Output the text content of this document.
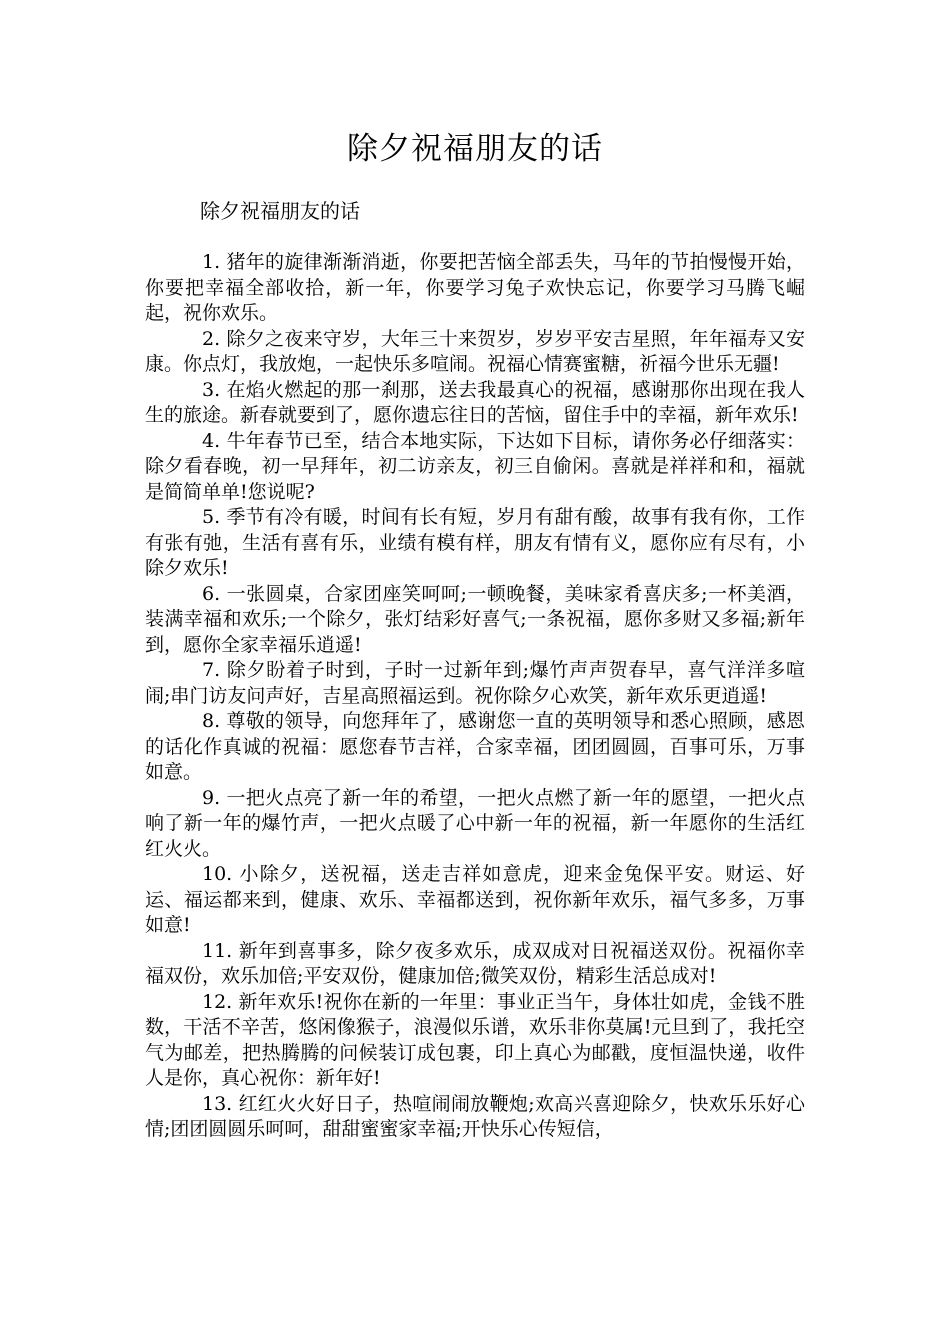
除夕祝福朋友的话

除夕祝福朋友的话

1. 猪年的旋律渐渐消逝，你要把苦恼全部丢失，马年的节拍慢慢开始，你要把幸福全部收拾，新一年，你要学习兔子欢快忘记，你要学习马腾飞崛起，祝你欢乐。

2. 除夕之夜来守岁，大年三十来贺岁，岁岁平安吉星照，年年福寿又安康。你点灯，我放炮，一起快乐多喧闹。祝福心情赛蜜糖，祈福今世乐无疆!

3. 在焰火燃起的那一刹那，送去我最真心的祝福，感谢那你出现在我人生的旅途。新春就要到了，愿你遗忘往日的苦恼，留住手中的幸福，新年欢乐!

4. 牛年春节已至，结合本地实际，下达如下目标，请你务必仔细落实：除夕看春晚，初一早拜年，初二访亲友，初三自偷闲。喜就是祥祥和和，福就是简简单单!您说呢?

5. 季节有冷有暖，时间有长有短，岁月有甜有酸，故事有我有你，工作有张有弛，生活有喜有乐，业绩有模有样，朋友有情有义，愿你应有尽有，小除夕欢乐!

6. 一张圆桌，合家团座笑呵呵;一顿晚餐，美味家肴喜庆多;一杯美酒，装满幸福和欢乐;一个除夕，张灯结彩好喜气;一条祝福，愿你多财又多福;新年到，愿你全家幸福乐逍遥!

7. 除夕盼着子时到，子时一过新年到;爆竹声声贺春早，喜气洋洋多喧闹;串门访友问声好，吉星高照福运到。祝你除夕心欢笑，新年欢乐更逍遥!

8. 尊敬的领导，向您拜年了，感谢您一直的英明领导和悉心照顾，感恩的话化作真诚的祝福：愿您春节吉祥，合家幸福，团团圆圆，百事可乐，万事如意。

9. 一把火点亮了新一年的希望，一把火点燃了新一年的愿望，一把火点响了新一年的爆竹声，一把火点暖了心中新一年的祝福，新一年愿你的生活红红火火。

10. 小除夕，送祝福，送走吉祥如意虎，迎来金兔保平安。财运、好运、福运都来到，健康、欢乐、幸福都送到，祝你新年欢乐，福气多多，万事如意!

11. 新年到喜事多，除夕夜多欢乐，成双成对日祝福送双份。祝福你幸福双份，欢乐加倍;平安双份，健康加倍;微笑双份，精彩生活总成对!

12. 新年欢乐!祝你在新的一年里：事业正当午，身体壮如虎，金钱不胜数，干活不辛苦，悠闲像猴子，浪漫似乐谱，欢乐非你莫属!元旦到了，我托空气为邮差，把热腾腾的问候装订成包裹，印上真心为邮戳，度恒温快递，收件人是你，真心祝你：新年好!

13. 红红火火好日子，热喧闹闹放鞭炮;欢高兴喜迎除夕，快欢乐乐好心情;团团圆圆乐呵呵，甜甜蜜蜜家幸福;开快乐心传短信，
